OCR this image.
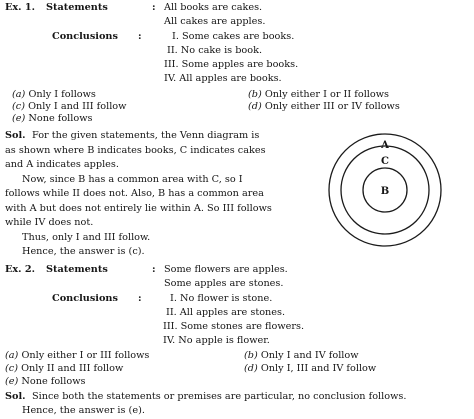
Ex. 1. Statements	: All books are cakes.
All cakes are apples.
Conclusions :	I. Some cakes are books.
II. No cake is book.
III. Some apples are books.
IV. All apples are books.
(a) Only I follows	(b) Only either I or II follows
(c) Only I and III follow	(d) Only either III or IV follows
(e) None follows
Sol. For the given statements, the Venn diagram is
as shown where B indicates books, C indicates cakes
and A indicates apples.
Now, since B has a common area with C, so I
follows while II does not. Also, B has a common area
with A but does not entirely lie within A. So III follows
while IV does not.
Thus, only I and III follow.
Hence, the answer is (c).
A
C
B
Ex. 2. Statements	: Some flowers are apples.
Some apples are stones.
Conclusions :	I. No flower is stone.
II. All apples are stones.
III. Some stones are flowers.
IV. No apple is flower.
(a) Only either I or III follows	(b) Only I and IV follow
(c) Only II and III follow	(d) Only I, III and IV follow
(e) None follows
Sol. Since both the statements or premises are particular, no conclusion follows.
Hence, the answer is (e).
